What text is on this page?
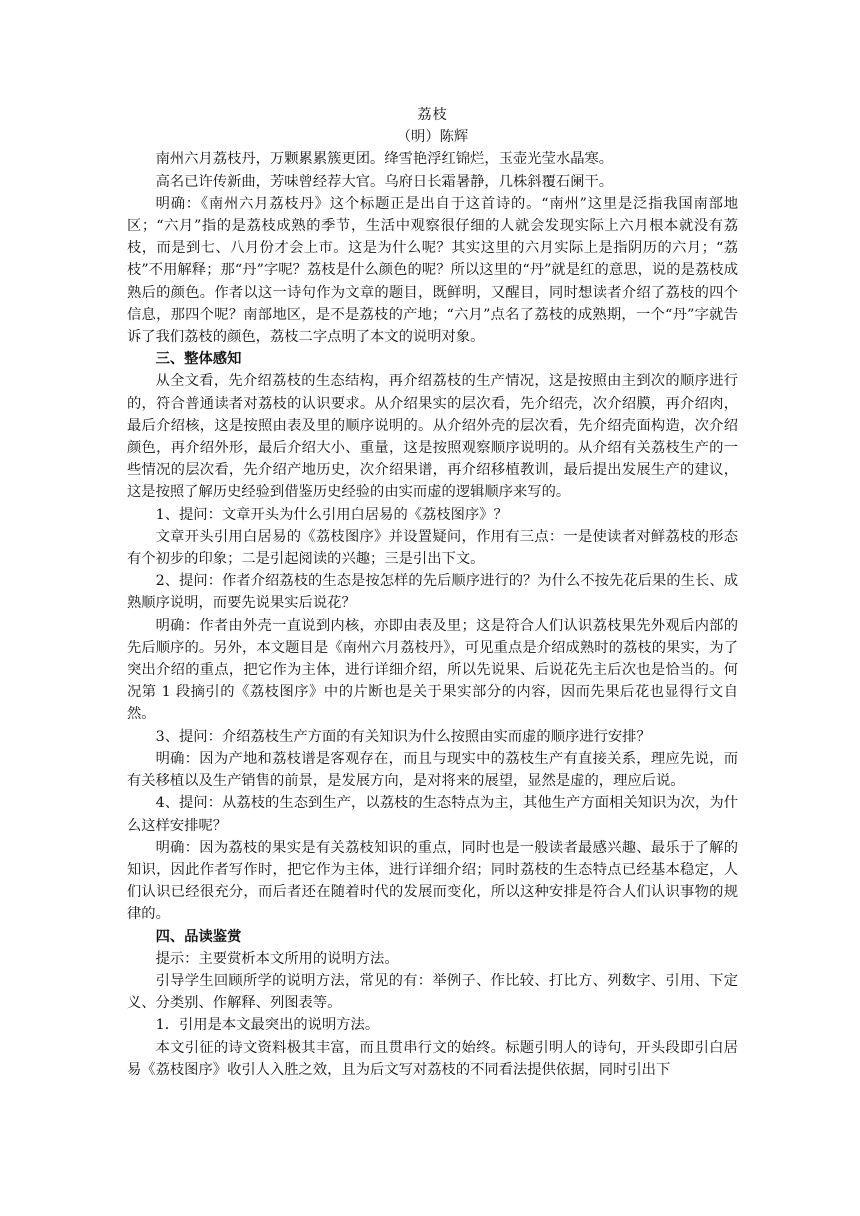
荔枝
（明）陈辉

南州六月荔枝丹，万颗累累簇更团。绛雪艳浮红锦烂，玉壶光莹水晶寒。

高名已许传新曲，芳味曾经荐大官。乌府日长霜暑静，几株斜覆石阑干。

明确：《南州六月荔枝丹》这个标题正是出自于这首诗的。“南州”这里是泛指我国南部地区；“六月”指的是荔枝成熟的季节，生活中观察很仔细的人就会发现实际上六月根本就没有荔枝，而是到七、八月份才会上市。这是为什么呢？其实这里的六月实际上是指阴历的六月；“荔枝”不用解释；那“丹”字呢？荔枝是什么颜色的呢？所以这里的“丹”就是红的意思，说的是荔枝成熟后的颜色。作者以这一诗句作为文章的题目，既鲜明，又醒目，同时想读者介绍了荔枝的四个信息，那四个呢？南部地区，是不是荔枝的产地；“六月”点名了荔枝的成熟期，一个“丹”字就告诉了我们荔枝的颜色，荔枝二字点明了本文的说明对象。

三、整体感知

从全文看，先介绍荔枝的生态结构，再介绍荔枝的生产情况，这是按照由主到次的顺序进行的，符合普通读者对荔枝的认识要求。从介绍果实的层次看，先介绍壳，次介绍膜，再介绍肉，最后介绍核，这是按照由表及里的顺序说明的。从介绍外壳的层次看，先介绍壳面构造，次介绍颜色，再介绍外形，最后介绍大小、重量，这是按照观察顺序说明的。从介绍有关荔枝生产的一些情况的层次看，先介绍产地历史，次介绍果谱，再介绍移植教训，最后提出发展生产的建议，这是按照了解历史经验到借鉴历史经验的由实而虚的逻辑顺序来写的。

1、提问：文章开头为什么引用白居易的《荔枝图序》？

文章开头引用白居易的《荔枝图序》并设置疑问，作用有三点：一是使读者对鲜荔枝的形态有个初步的印象；二是引起阅读的兴趣；三是引出下文。

2、提问：作者介绍荔枝的生态是按怎样的先后顺序进行的？为什么不按先花后果的生长、成熟顺序说明，而要先说果实后说花？

明确：作者由外壳一直说到内核，亦即由表及里；这是符合人们认识荔枝果先外观后内部的先后顺序的。另外，本文题目是《南州六月荔枝丹》，可见重点是介绍成熟时的荔枝的果实，为了突出介绍的重点，把它作为主体，进行详细介绍，所以先说果、后说花先主后次也是恰当的。何况第 1 段摘引的《荔枝图序》中的片断也是关于果实部分的内容，因而先果后花也显得行文自然。

3、提问：介绍荔枝生产方面的有关知识为什么按照由实而虚的顺序进行安排？

明确：因为产地和荔枝谱是客观存在，而且与现实中的荔枝生产有直接关系，理应先说，而有关移植以及生产销售的前景，是发展方向，是对将来的展望，显然是虚的，理应后说。

4、提问：从荔枝的生态到生产，以荔枝的生态特点为主，其他生产方面相关知识为次，为什么这样安排呢？

明确：因为荔枝的果实是有关荔枝知识的重点，同时也是一般读者最感兴趣、最乐于了解的知识，因此作者写作时，把它作为主体，进行详细介绍；同时荔枝的生态特点已经基本稳定，人们认识已经很充分，而后者还在随着时代的发展而变化，所以这种安排是符合人们认识事物的规律的。

四、品读鉴赏

提示：主要赏析本文所用的说明方法。

引导学生回顾所学的说明方法，常见的有：举例子、作比较、打比方、列数字、引用、下定义、分类别、作解释、列图表等。

1．引用是本文最突出的说明方法。

本文引征的诗文资料极其丰富，而且贯串行文的始终。标题引明人的诗句，开头段即引白居易《荔枝图序》收引人入胜之效，且为后文写对荔枝的不同看法提供依据，同时引出下
